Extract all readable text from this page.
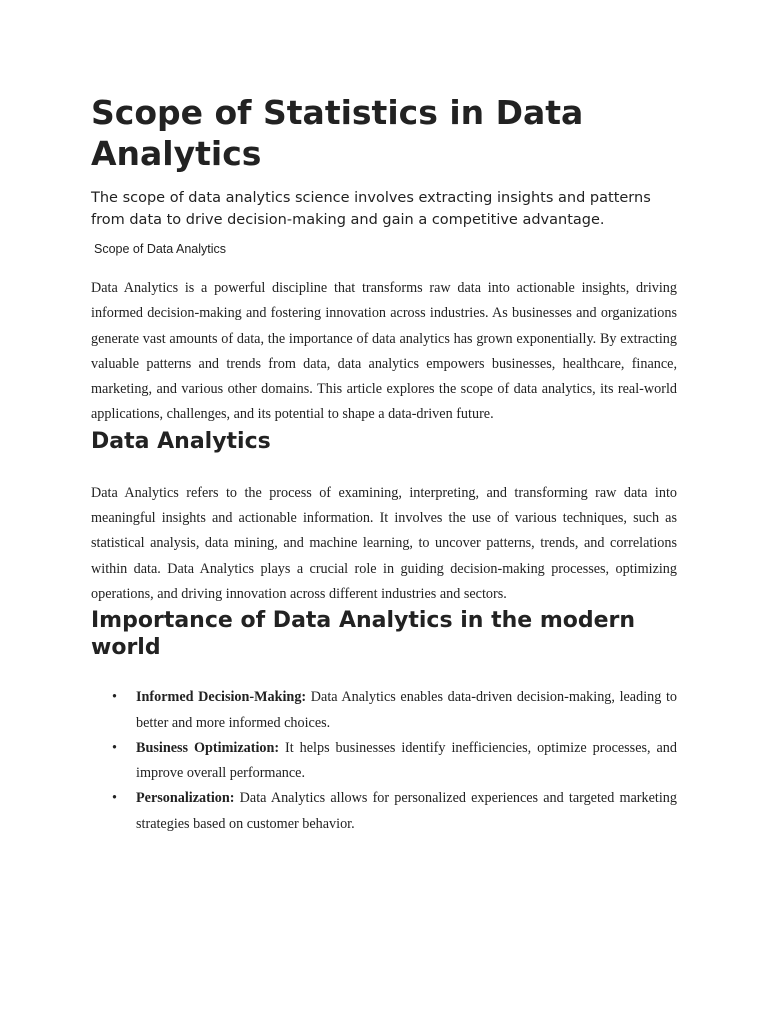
Scope of Statistics in Data Analytics

The scope of data analytics science involves extracting insights and patterns from data to drive decision-making and gain a competitive advantage.

Scope of Data Analytics

Data Analytics is a powerful discipline that transforms raw data into actionable insights, driving informed decision-making and fostering innovation across industries. As businesses and organizations generate vast amounts of data, the importance of data analytics has grown exponentially. By extracting valuable patterns and trends from data, data analytics empowers businesses, healthcare, finance, marketing, and various other domains. This article explores the scope of data analytics, its real-world applications, challenges, and its potential to shape a data-driven future.

Data Analytics

Data Analytics refers to the process of examining, interpreting, and transforming raw data into meaningful insights and actionable information. It involves the use of various techniques, such as statistical analysis, data mining, and machine learning, to uncover patterns, trends, and correlations within data. Data Analytics plays a crucial role in guiding decision-making processes, optimizing operations, and driving innovation across different industries and sectors.

Importance of Data Analytics in the modern world
• Informed Decision-Making: Data Analytics enables data-driven decision-making, leading to better and more informed choices.
• Business Optimization: It helps businesses identify inefficiencies, optimize processes, and improve overall performance.
• Personalization: Data Analytics allows for personalized experiences and targeted marketing strategies based on customer behavior.
